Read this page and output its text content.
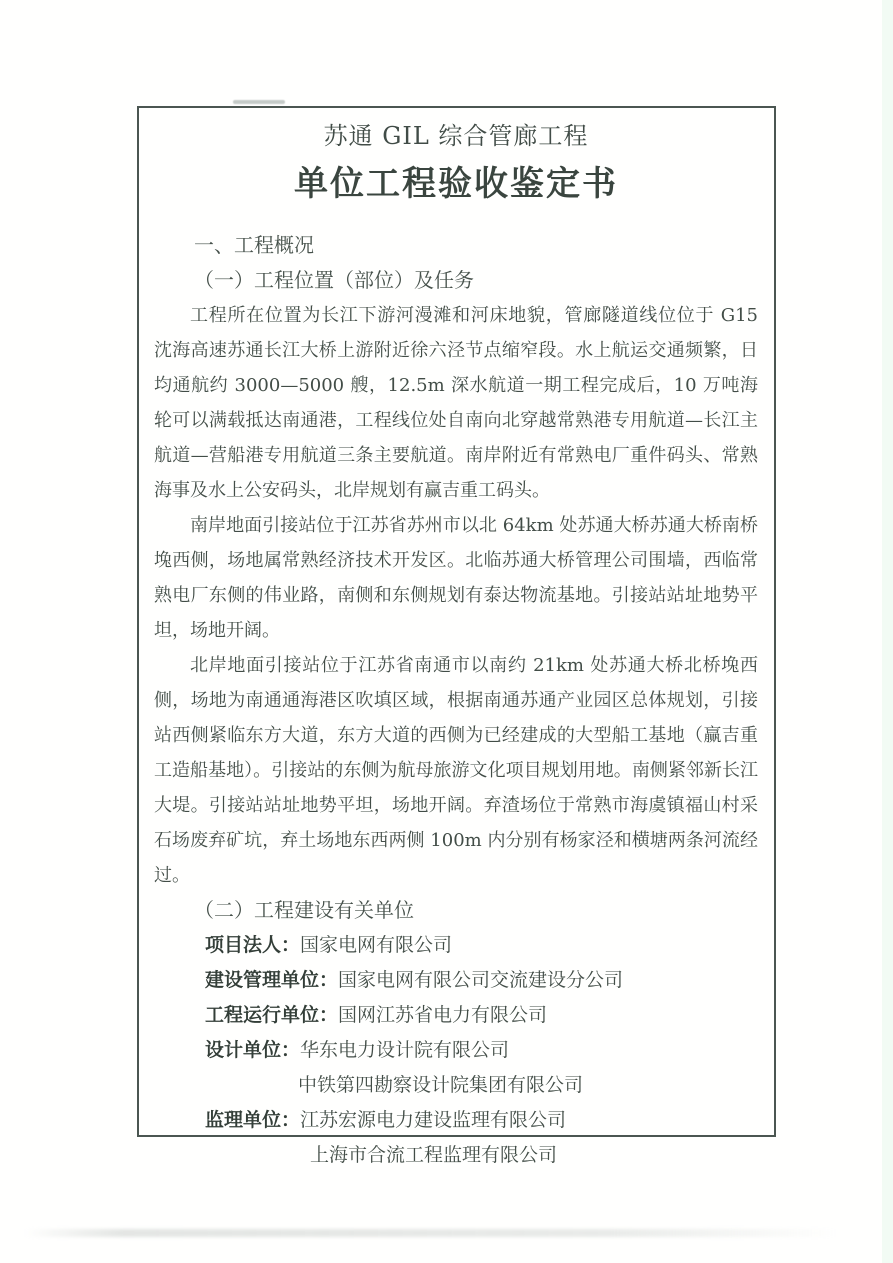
苏通 GIL 综合管廊工程
单位工程验收鉴定书
一、工程概况
（一）工程位置（部位）及任务

工程所在位置为长江下游河漫滩和河床地貌，管廊隧道线位位于 G15 沈海高速苏通长江大桥上游附近徐六泾节点缩窄段。水上航运交通频繁，日均通航约 3000—5000 艘，12.5m 深水航道一期工程完成后，10 万吨海轮可以满载抵达南通港，工程线位处自南向北穿越常熟港专用航道—长江主航道—营船港专用航道三条主要航道。南岸附近有常熟电厂重件码头、常熟海事及水上公安码头，北岸规划有赢吉重工码头。

南岸地面引接站位于江苏省苏州市以北 64km 处苏通大桥苏通大桥南桥堍西侧，场地属常熟经济技术开发区。北临苏通大桥管理公司围墙，西临常熟电厂东侧的伟业路，南侧和东侧规划有泰达物流基地。引接站站址地势平坦，场地开阔。

北岸地面引接站位于江苏省南通市以南约 21km 处苏通大桥北桥堍西侧，场地为南通通海港区吹填区域，根据南通苏通产业园区总体规划，引接站西侧紧临东方大道，东方大道的西侧为已经建成的大型船工基地（赢吉重工造船基地）。引接站的东侧为航母旅游文化项目规划用地。南侧紧邻新长江大堤。引接站站址地势平坦，场地开阔。弃渣场位于常熟市海虞镇福山村采石场废弃矿坑，弃土场地东西两侧 100m 内分别有杨家泾和横塘两条河流经过。

（二）工程建设有关单位
项目法人：国家电网有限公司
建设管理单位：国家电网有限公司交流建设分公司
工程运行单位：国网江苏省电力有限公司
设计单位：华东电力设计院有限公司
中铁第四勘察设计院集团有限公司
监理单位：江苏宏源电力建设监理有限公司
上海市合流工程监理有限公司
